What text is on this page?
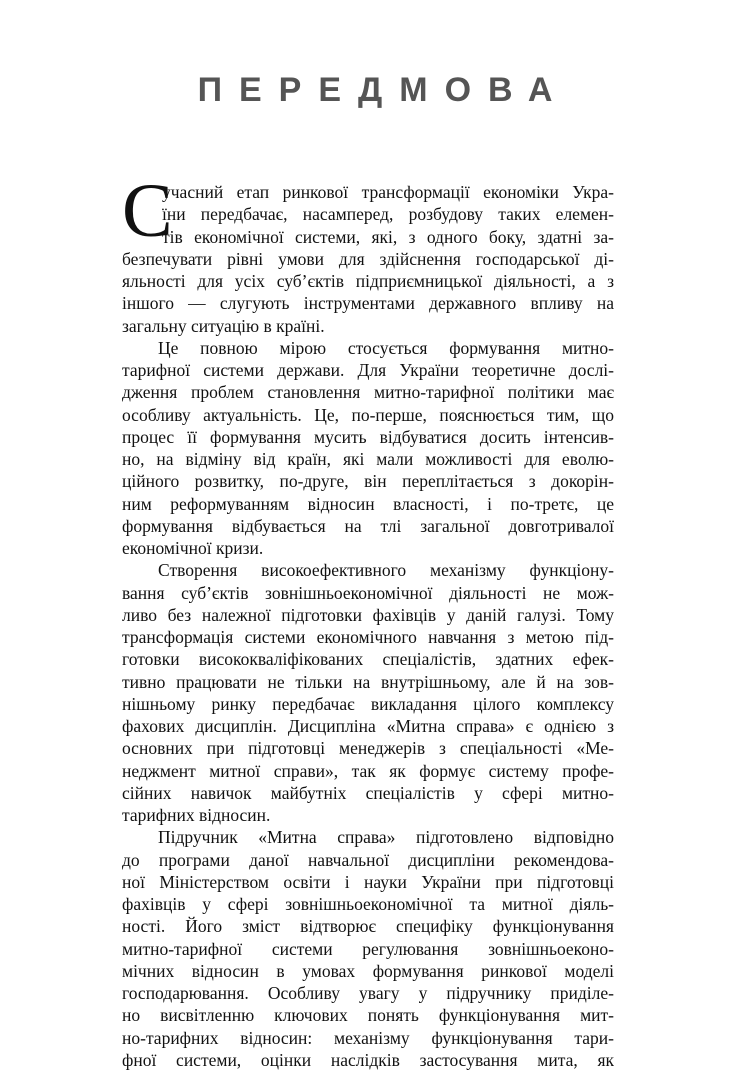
ПЕРЕДМОВА
С
учасний етап ринкової трансформації економіки Укра-
їни передбачає, насамперед, розбудову таких елемен-
тів економічної системи, які, з одного боку, здатні за-
безпечувати рівні умови для здійснення господарської ді-
яльності для усіх суб’єктів підприємницької діяльності, а з
іншого — слугують інструментами державного впливу на
загальну ситуацію в країні.
Це повною мірою стосується формування митно-
тарифної системи держави. Для України теоретичне дослі-
дження проблем становлення митно-тарифної політики має
особливу актуальність. Це, по-перше, пояснюється тим, що
процес її формування мусить відбуватися досить інтенсив-
но, на відміну від країн, які мали можливості для еволю-
ційного розвитку, по-друге, він переплітається з докорін-
ним реформуванням відносин власності, і по-третє, це
формування відбувається на тлі загальної довготривалої
економічної кризи.
Створення високоефективного механізму функціону-
вання суб’єктів зовнішньоекономічної діяльності не мож-
ливо без належної підготовки фахівців у даній галузі. Тому
трансформація системи економічного навчання з метою під-
готовки висококваліфікованих спеціалістів, здатних ефек-
тивно працювати не тільки на внутрішньому, але й на зов-
нішньому ринку передбачає викладання цілого комплексу
фахових дисциплін. Дисципліна «Митна справа» є однією з
основних при підготовці менеджерів з спеціальності «Ме-
неджмент митної справи», так як формує систему профе-
сійних навичок майбутніх спеціалістів у сфері митно-
тарифних відносин.
Підручник «Митна справа» підготовлено відповідно
до програми даної навчальної дисципліни рекомендова-
ної Міністерством освіти і науки України при підготовці
фахівців у сфері зовнішньоекономічної та митної діяль-
ності. Його зміст відтворює специфіку функціонування
митно-тарифної системи регулювання зовнішньоеконо-
мічних відносин в умовах формування ринкової моделі
господарювання. Особливу увагу у підручнику приділе-
но висвітленню ключових понять функціонування мит-
но-тарифних відносин: механізму функціонування тари-
фної системи, оцінки наслідків застосування мита, як
